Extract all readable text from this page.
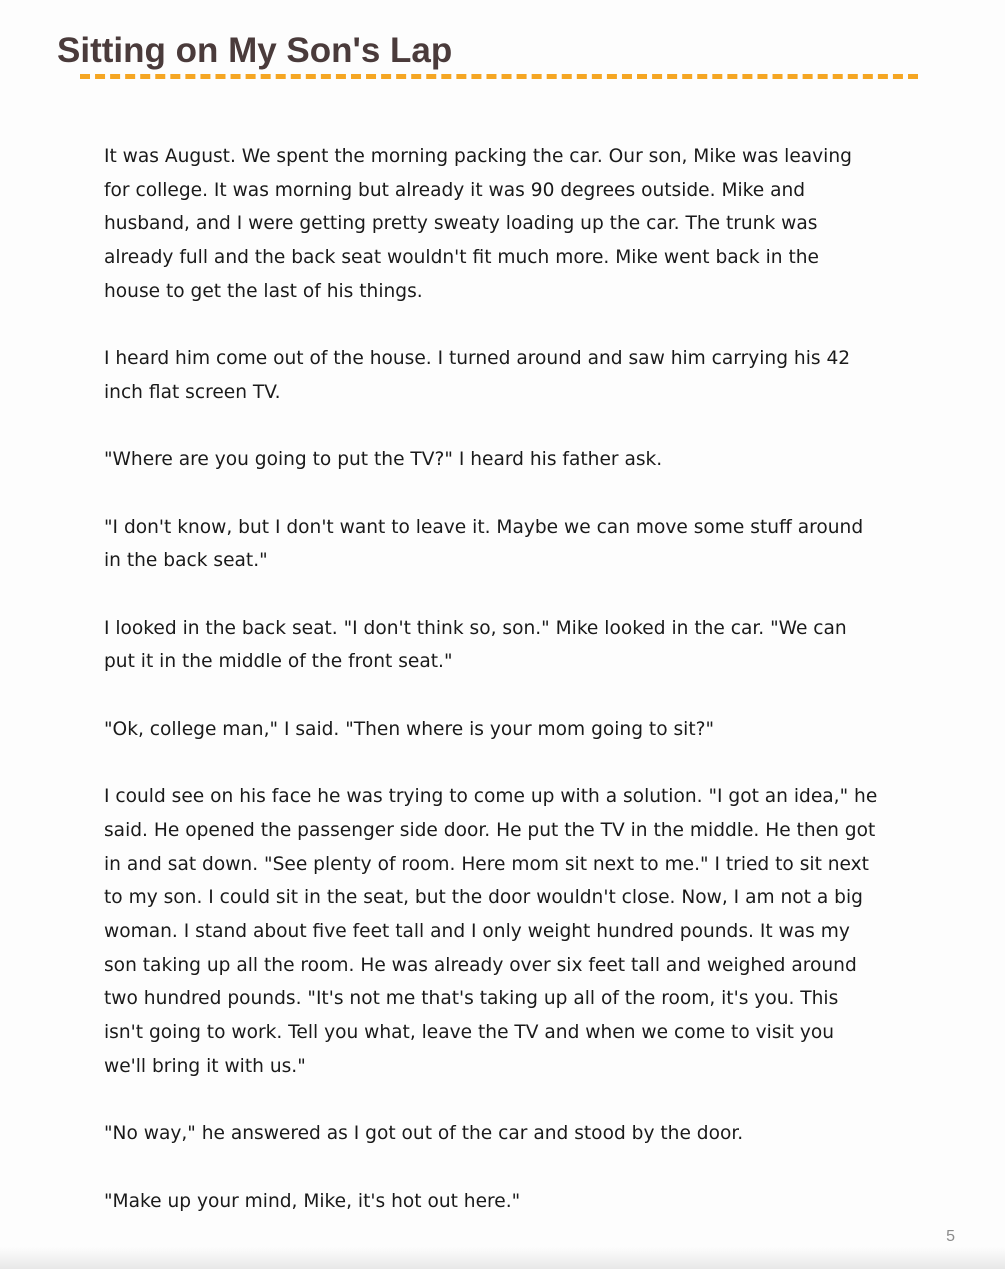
Sitting on My Son's Lap

It was August. We spent the morning packing the car. Our son, Mike was leaving
for college. It was morning but already it was 90 degrees outside. Mike and
husband, and I were getting pretty sweaty loading up the car. The trunk was
already full and the back seat wouldn't fit much more. Mike went back in the
house to get the last of his things.

I heard him come out of the house. I turned around and saw him carrying his 42
inch flat screen TV.

"Where are you going to put the TV?" I heard his father ask.

"I don't know, but I don't want to leave it. Maybe we can move some stuff around
in the back seat."

I looked in the back seat. "I don't think so, son." Mike looked in the car. "We can
put it in the middle of the front seat."

"Ok, college man," I said. "Then where is your mom going to sit?"

I could see on his face he was trying to come up with a solution. "I got an idea," he
said. He opened the passenger side door. He put the TV in the middle. He then got
in and sat down. "See plenty of room. Here mom sit next to me." I tried to sit next
to my son. I could sit in the seat, but the door wouldn't close. Now, I am not a big
woman. I stand about five feet tall and I only weight hundred pounds. It was my
son taking up all the room. He was already over six feet tall and weighed around
two hundred pounds. "It's not me that's taking up all of the room, it's you. This
isn't going to work. Tell you what, leave the TV and when we come to visit you
we'll bring it with us."

"No way," he answered as I got out of the car and stood by the door.

"Make up your mind, Mike, it's hot out here."

5
